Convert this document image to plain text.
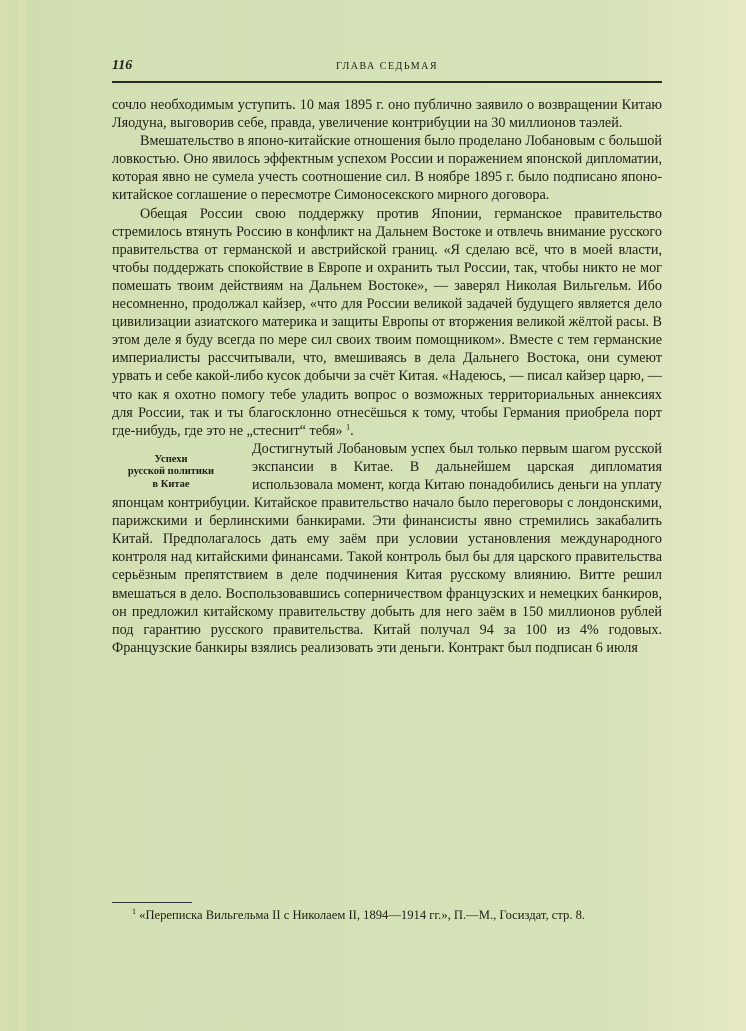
116	ГЛАВА СЕДЬМАЯ

сочло необходимым уступить. 10 мая 1895 г. оно публично заявило о возвращении Китаю Ляодуна, выговорив себе, правда, увеличение контрибуции на 30 миллионов таэлей.

Вмешательство в японо-китайские отношения было проделано Лобановым с большой ловкостью. Оно явилось эффектным успехом России и поражением японской дипломатии, которая явно не сумела учесть соотношение сил. В ноябре 1895 г. было подписано японо-китайское соглашение о пересмотре Симоносекского мирного договора.

Обещая России свою поддержку против Японии, германское правительство стремилось втянуть Россию в конфликт на Дальнем Востоке и отвлечь внимание русского правительства от германской и австрийской границ. «Я сделаю всё, что в моей власти, чтобы поддержать спокойствие в Европе и охранить тыл России, так, чтобы никто не мог помешать твоим действиям на Дальнем Востоке», — заверял Николая Вильгельм. Ибо несомненно, продолжал кайзер, «что для России великой задачей будущего является дело цивилизации азиатского материка и защиты Европы от вторжения великой жёлтой расы. В этом деле я буду всегда по мере сил своих твоим помощником». Вместе с тем германские империалисты рассчитывали, что, вмешиваясь в дела Дальнего Востока, они сумеют урвать и себе какой-либо кусок добычи за счёт Китая. «Надеюсь, — писал кайзер царю, — что как я охотно помогу тебе уладить вопрос о возможных территориальных аннексиях для России, так и ты благосклонно отнесёшься к тому, чтобы Германия приобрела порт где-нибудь, где это не „стеснит“ тебя» $^1$.

Успехи
русской политики
в Китае

Достигнутый Лобановым успех был только первым шагом русской экспансии в Китае. В дальнейшем царская дипломатия использовала момент, когда Китаю понадобились деньги на уплату японцам контрибуции. Китайское правительство начало было переговоры с лондонскими, парижскими и берлинскими банкирами. Эти финансисты явно стремились закабалить Китай. Предполагалось дать ему заём при условии установления международного контроля над китайскими финансами. Такой контроль был бы для царского правительства серьёзным препятствием в деле подчинения Китая русскому влиянию. Витте решил вмешаться в дело. Воспользовавшись соперничеством французских и немецких банкиров, он предложил китайскому правительству добыть для него заём в 150 миллионов рублей под гарантию русского правительства. Китай получал 94 за 100 из 4% годовых. Французские банкиры взялись реализовать эти деньги. Контракт был подписан 6 июля

$^1$ «Переписка Вильгельма II с Николаем II, 1894—1914 гг.», П.—М., Госиздат, стр. 8.
